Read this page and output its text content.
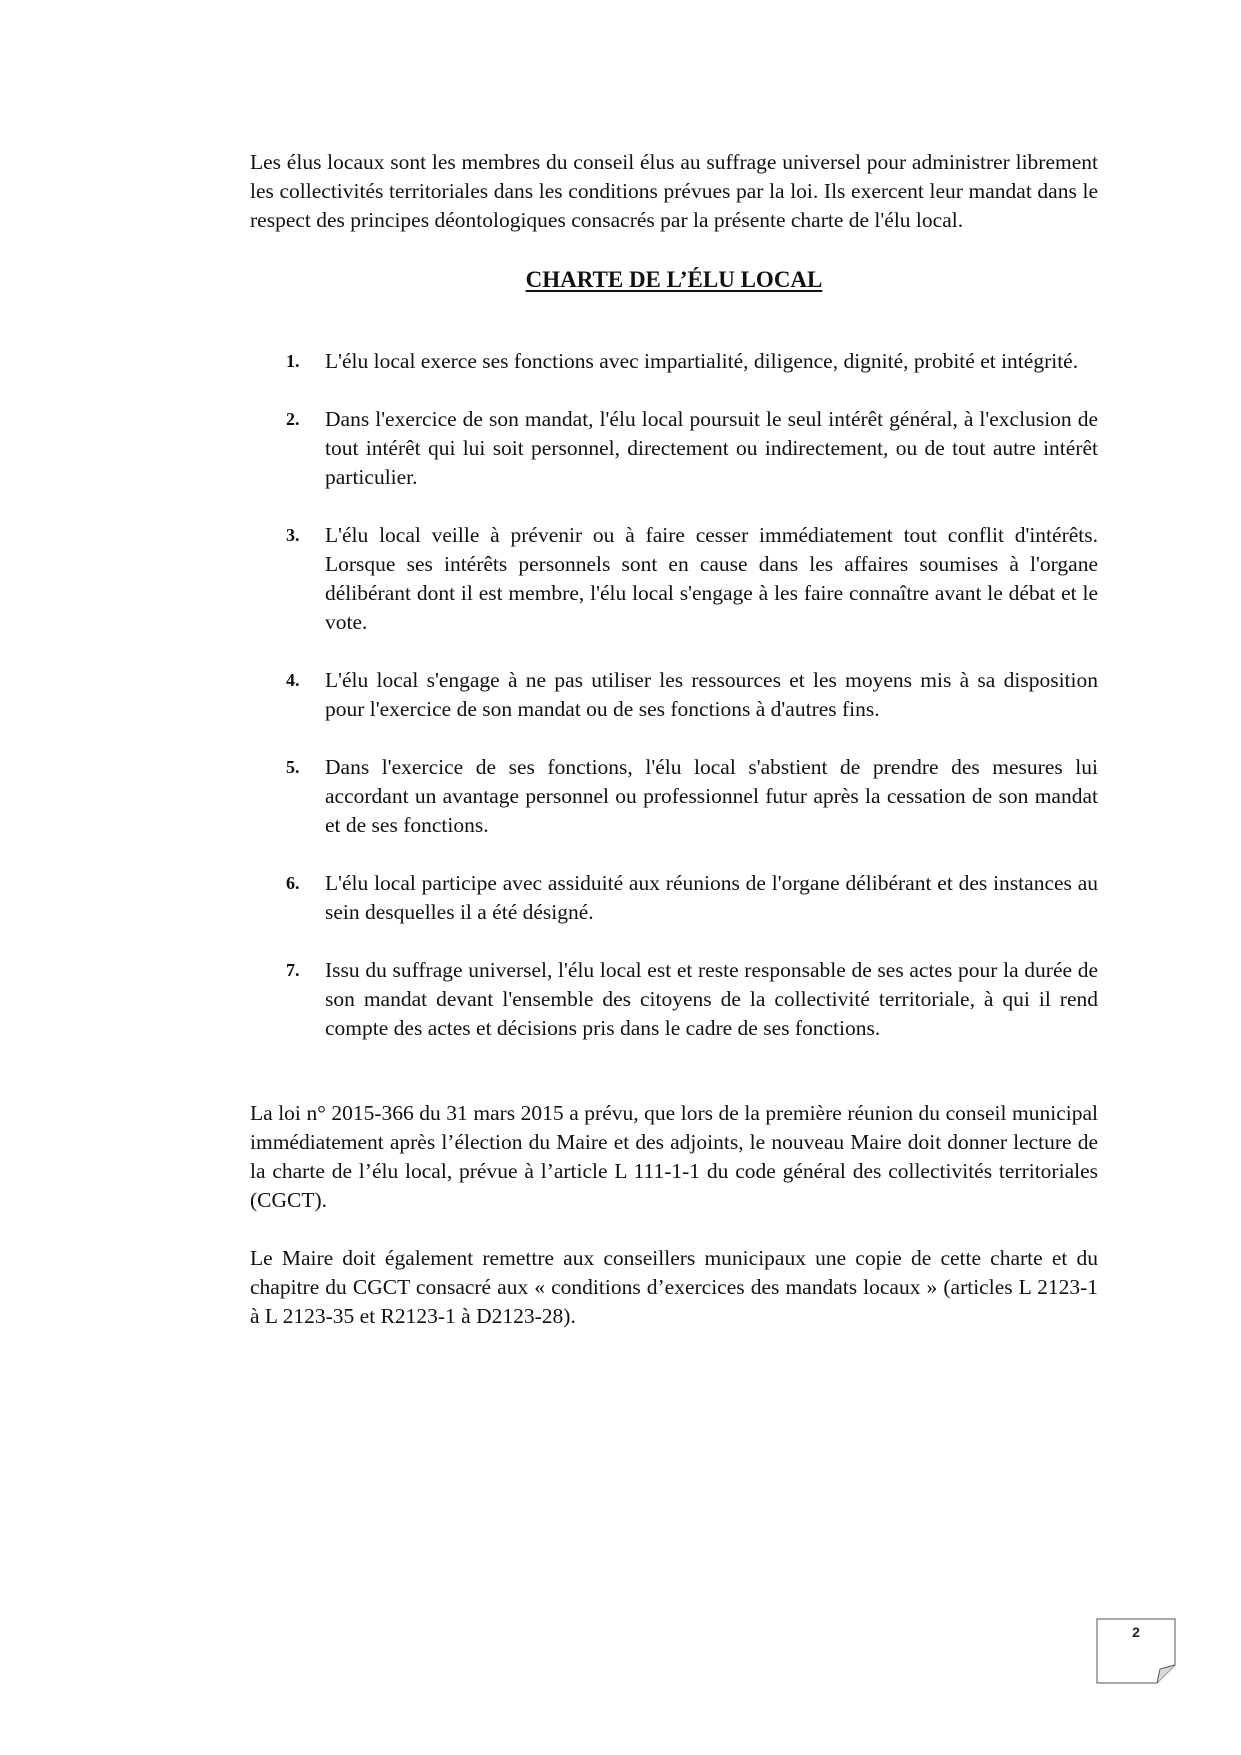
Les élus locaux sont les membres du conseil élus au suffrage universel pour administrer librement les collectivités territoriales dans les conditions prévues par la loi. Ils exercent leur mandat dans le respect des principes déontologiques consacrés par la présente charte de l'élu local.

CHARTE DE L’ÉLU LOCAL
1. L'élu local exerce ses fonctions avec impartialité, diligence, dignité, probité et intégrité.
2. Dans l'exercice de son mandat, l'élu local poursuit le seul intérêt général, à l'exclusion de tout intérêt qui lui soit personnel, directement ou indirectement, ou de tout autre intérêt particulier.
3. L'élu local veille à prévenir ou à faire cesser immédiatement tout conflit d'intérêts. Lorsque ses intérêts personnels sont en cause dans les affaires soumises à l'organe délibérant dont il est membre, l'élu local s'engage à les faire connaître avant le débat et le vote.
4. L'élu local s'engage à ne pas utiliser les ressources et les moyens mis à sa disposition pour l'exercice de son mandat ou de ses fonctions à d'autres fins.
5. Dans l'exercice de ses fonctions, l'élu local s'abstient de prendre des mesures lui accordant un avantage personnel ou professionnel futur après la cessation de son mandat et de ses fonctions.
6. L'élu local participe avec assiduité aux réunions de l'organe délibérant et des instances au sein desquelles il a été désigné.
7. Issu du suffrage universel, l'élu local est et reste responsable de ses actes pour la durée de son mandat devant l'ensemble des citoyens de la collectivité territoriale, à qui il rend compte des actes et décisions pris dans le cadre de ses fonctions.

La loi n° 2015-366 du 31 mars 2015 a prévu, que lors de la première réunion du conseil municipal immédiatement après l’élection du Maire et des adjoints, le nouveau Maire doit donner lecture de la charte de l’élu local, prévue à l’article L 111-1-1 du code général des collectivités territoriales (CGCT).

Le Maire doit également remettre aux conseillers municipaux une copie de cette charte et du chapitre du CGCT consacré aux « conditions d’exercices des mandats locaux » (articles L 2123-1 à L 2123-35 et R2123-1 à D2123-28).

2
